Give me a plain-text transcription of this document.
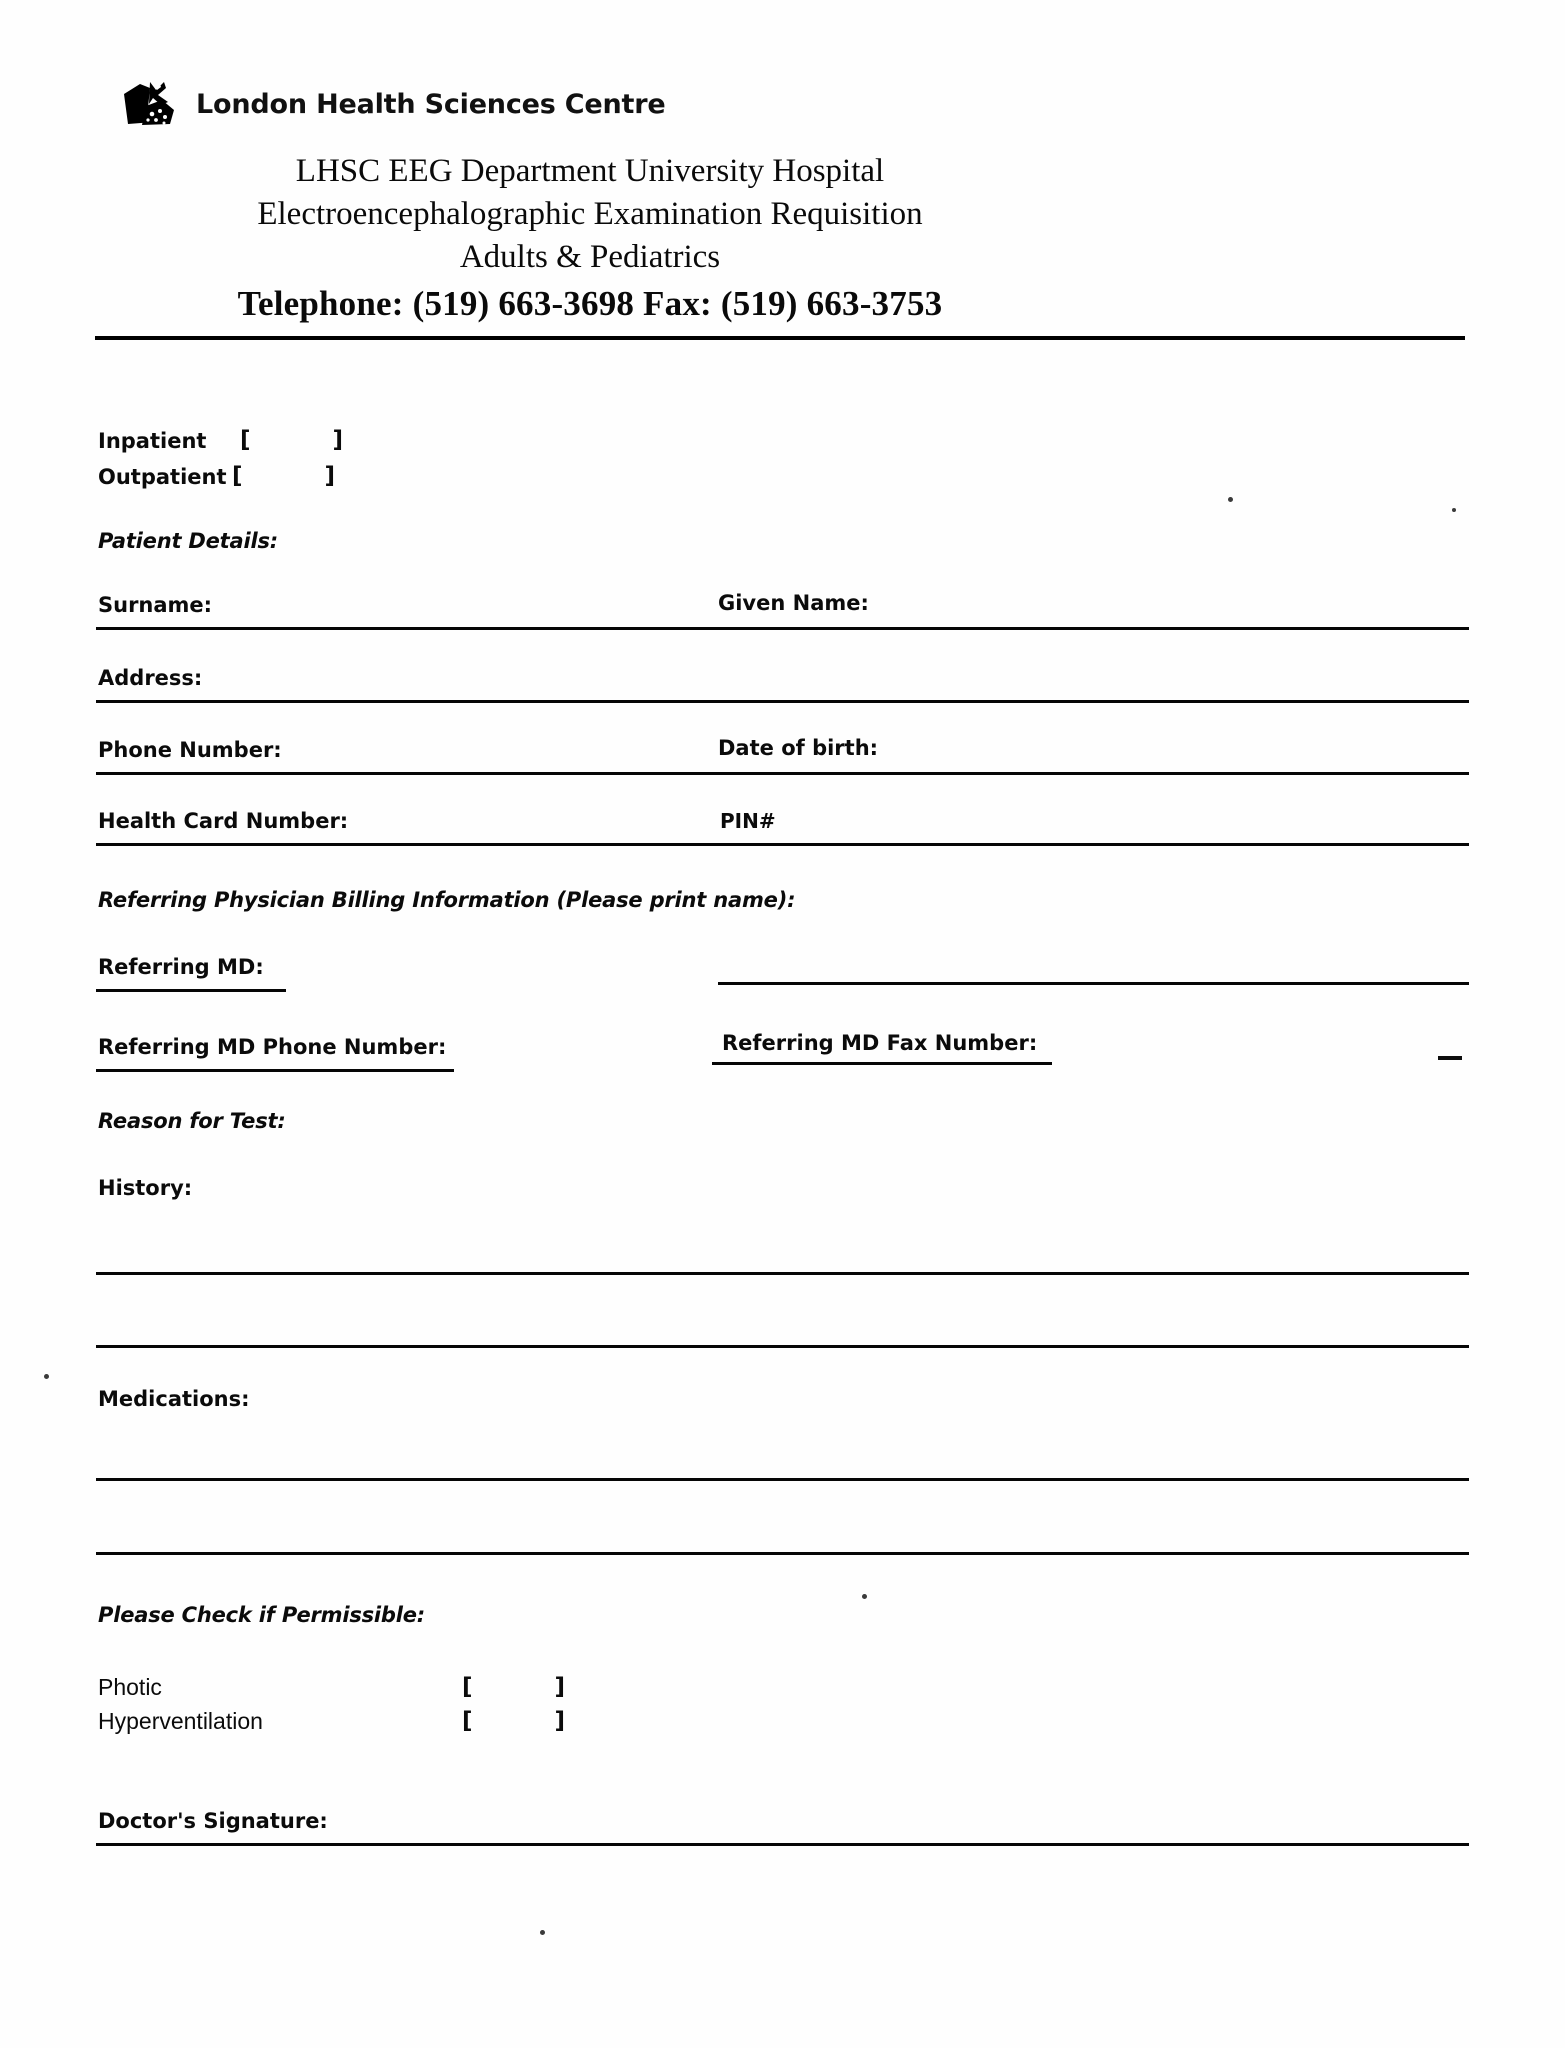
London Health Sciences Centre
LHSC EEG Department University Hospital
Electroencephalographic Examination Requisition
Adults & Pediatrics
Telephone: (519) 663-3698 Fax: (519) 663-3753
Inpatient [    ]
Outpatient [    ]
Patient Details:
Surname:	Given Name:
Address:
Phone Number:	Date of birth:
Health Card Number:	PIN#
Referring Physician Billing Information (Please print name):
Referring MD:
Referring MD Phone Number:	Referring MD Fax Number:
Reason for Test:
History:
Medications:
Please Check if Permissible:
Photic	[    ]
Hyperventilation	[    ]
Doctor's Signature:
